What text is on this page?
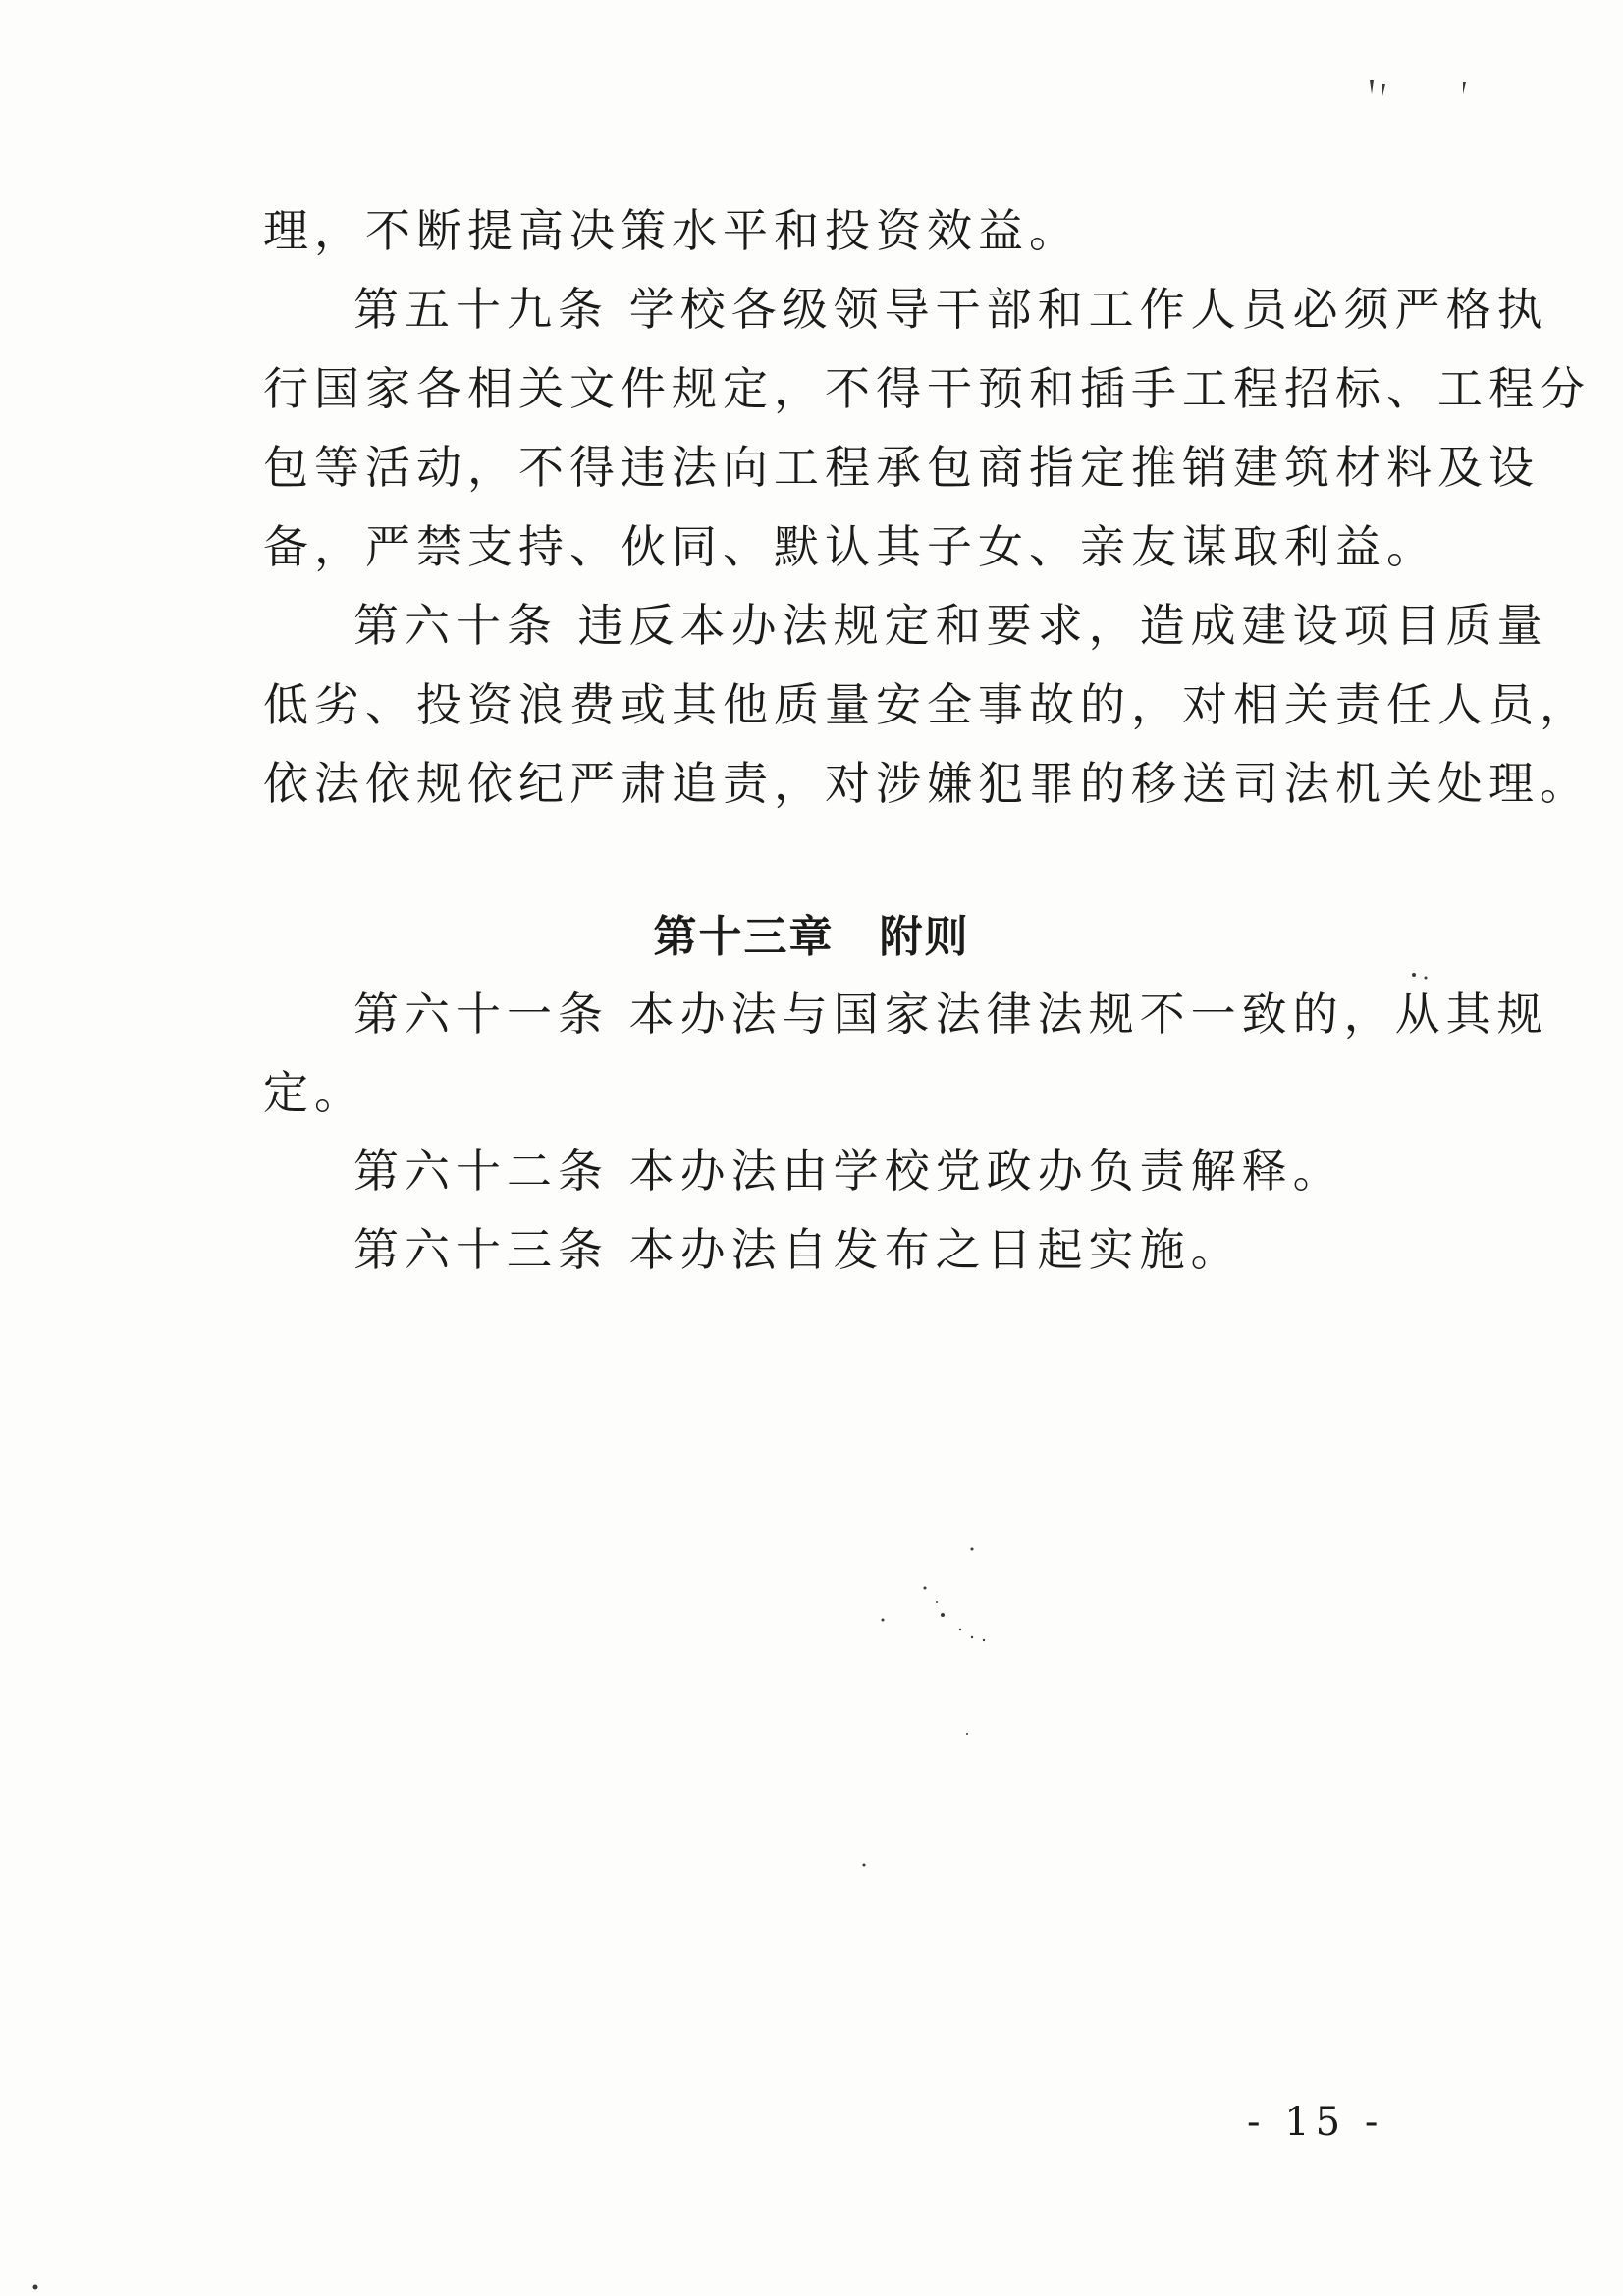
理，不断提高决策水平和投资效益。
第五十九条 学校各级领导干部和工作人员必须严格执
行国家各相关文件规定，不得干预和插手工程招标、工程分
包等活动，不得违法向工程承包商指定推销建筑材料及设
备，严禁支持、伙同、默认其子女、亲友谋取利益。
第六十条 违反本办法规定和要求，造成建设项目质量
低劣、投资浪费或其他质量安全事故的，对相关责任人员，
依法依规依纪严肃追责，对涉嫌犯罪的移送司法机关处理。
第十三章 附则
第六十一条 本办法与国家法律法规不一致的，从其规
定。
第六十二条 本办法由学校党政办负责解释。
第六十三条 本办法自发布之日起实施。
- 15 -
